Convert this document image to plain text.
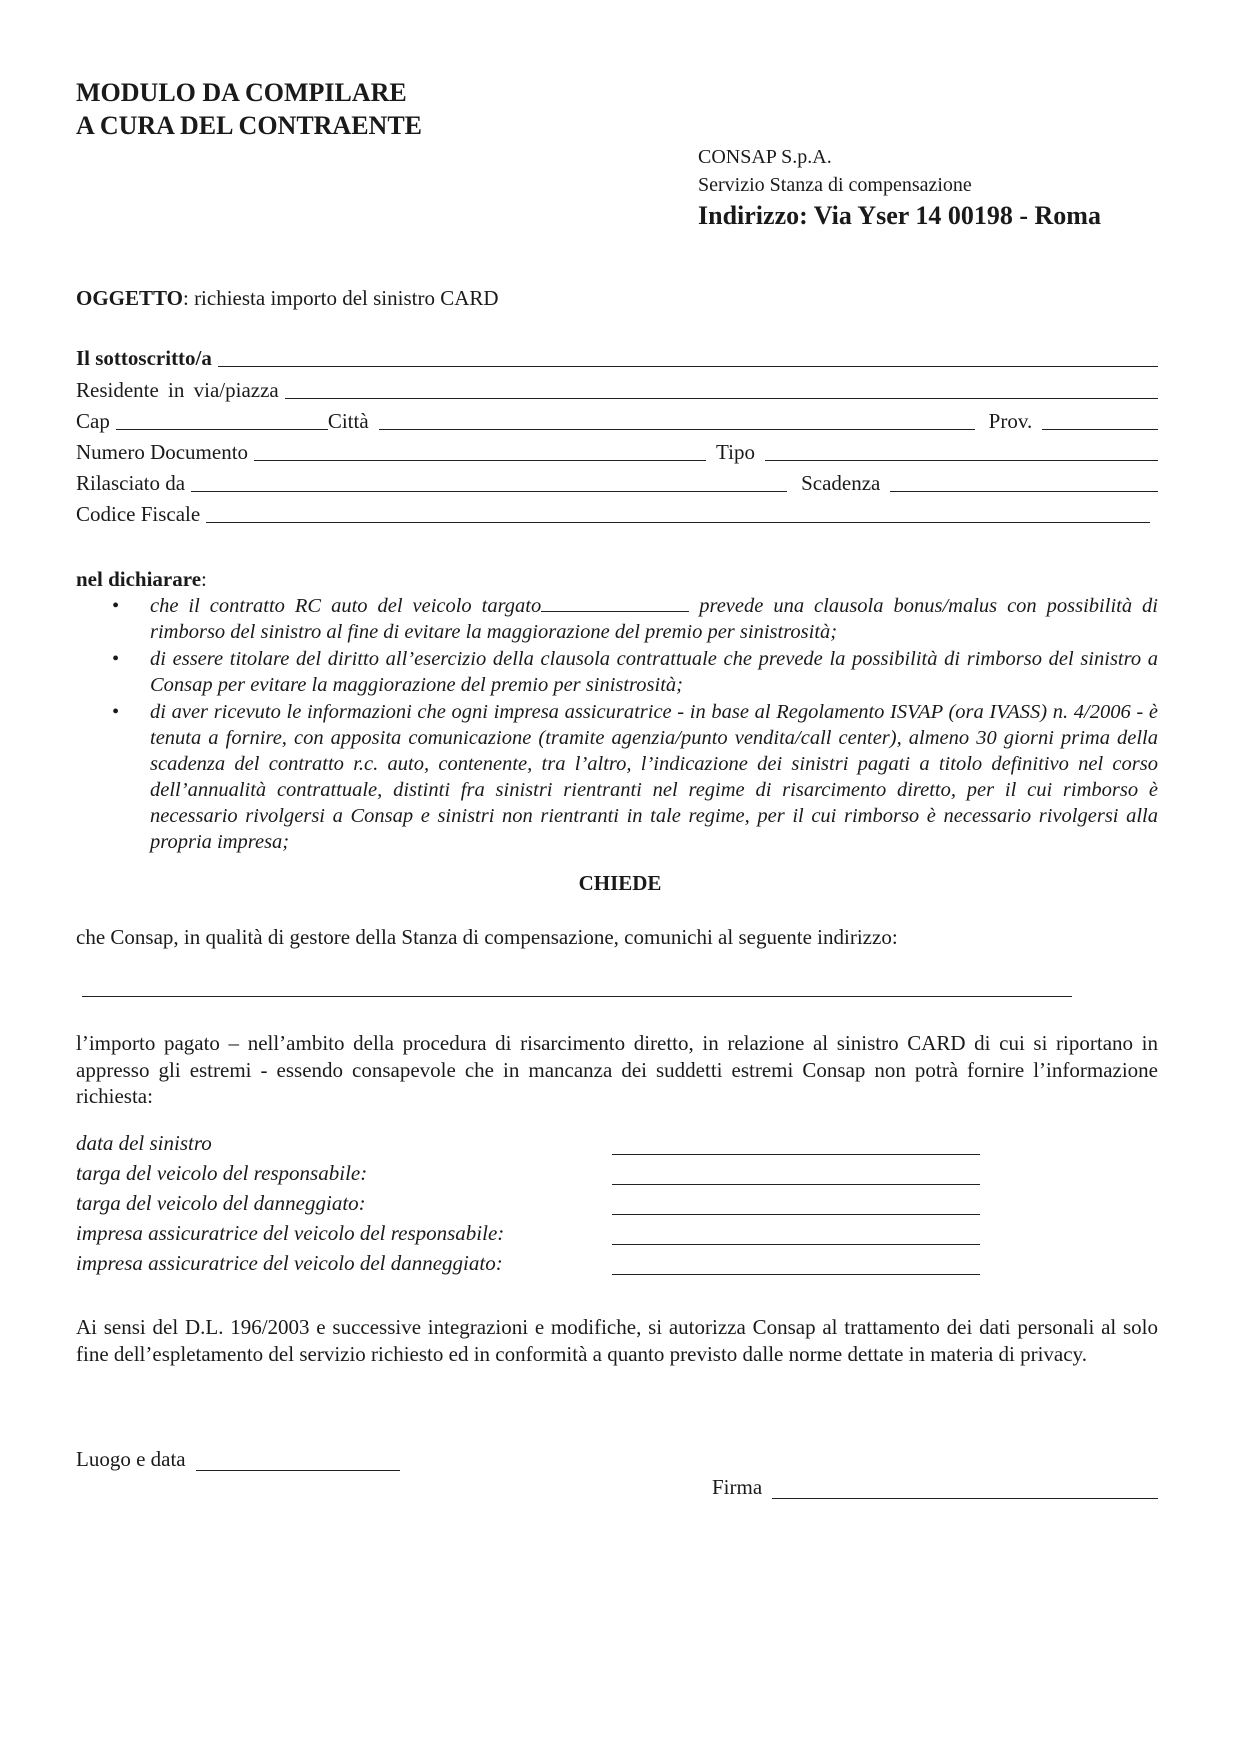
MODULO DA COMPILARE
A CURA DEL CONTRAENTE
CONSAP S.p.A.
Servizio Stanza di compensazione
Indirizzo: Via Yser 14 00198 - Roma
OGGETTO: richiesta importo del sinistro CARD
Il sottoscritto/a
Residente in via/piazza
Cap	Città	Prov.
Numero Documento	Tipo
Rilasciato da	Scadenza
Codice Fiscale
nel dichiarare:
• che il contratto RC auto del veicolo targato	prevede una clausola bonus/malus con possibilità di rimborso del sinistro al fine di evitare la maggiorazione del premio per sinistrosità;
• di essere titolare del diritto all’esercizio della clausola contrattuale che prevede la possibilità di rimborso del sinistro a Consap per evitare la maggiorazione del premio per sinistrosità;
• di aver ricevuto le informazioni che ogni impresa assicuratrice - in base al Regolamento ISVAP (ora IVASS) n. 4/2006 - è tenuta a fornire, con apposita comunicazione (tramite agenzia/punto vendita/call center), almeno 30 giorni prima della scadenza del contratto r.c. auto, contenente, tra l’altro, l’indicazione dei sinistri pagati a titolo definitivo nel corso dell’annualità contrattuale, distinti fra sinistri rientranti nel regime di risarcimento diretto, per il cui rimborso è necessario rivolgersi a Consap e sinistri non rientranti in tale regime, per il cui rimborso è necessario rivolgersi alla propria impresa;
CHIEDE
che Consap, in qualità di gestore della Stanza di compensazione, comunichi al seguente indirizzo:
l’importo pagato – nell’ambito della procedura di risarcimento diretto, in relazione al sinistro CARD di cui si riportano in appresso gli estremi - essendo consapevole che in mancanza dei suddetti estremi Consap non potrà fornire l’informazione richiesta:
data del sinistro
targa del veicolo del responsabile:
targa del veicolo del danneggiato:
impresa assicuratrice del veicolo del responsabile:
impresa assicuratrice del veicolo del danneggiato:
Ai sensi del D.L. 196/2003 e successive integrazioni e modifiche, si autorizza Consap al trattamento dei dati personali al solo fine dell’espletamento del servizio richiesto ed in conformità a quanto previsto dalle norme dettate in materia di privacy.
Luogo e data
Firma
